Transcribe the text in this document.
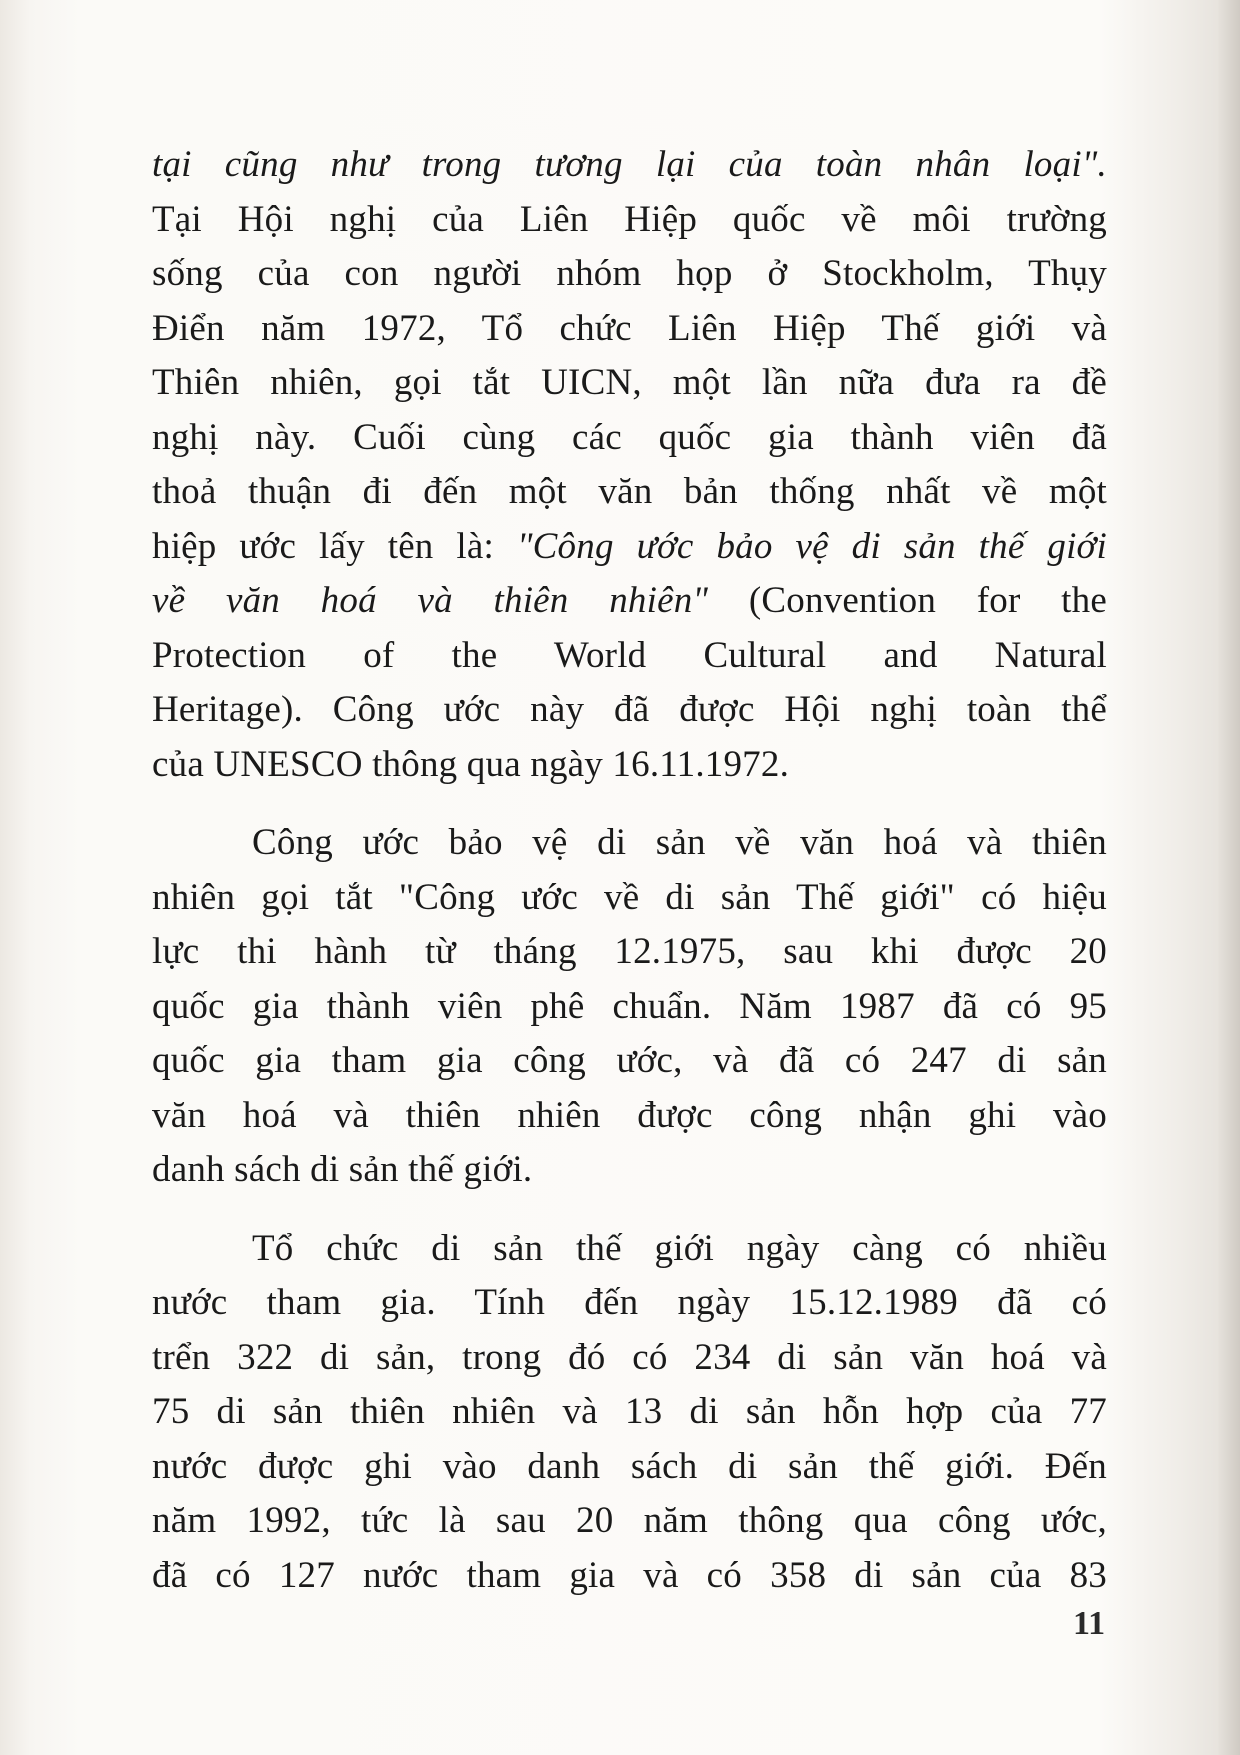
tại cũng như trong tương lại của toàn nhân loại".
Tại Hội nghị của Liên Hiệp quốc về môi trường
sống của con người nhóm họp ở Stockholm, Thụy
Điển năm 1972, Tổ chức Liên Hiệp Thế giới và
Thiên nhiên, gọi tắt UICN, một lần nữa đưa ra đề
nghị này. Cuối cùng các quốc gia thành viên đã
thoả thuận đi đến một văn bản thống nhất về một
hiệp ước lấy tên là: "Công ước bảo vệ di sản thế giới
về văn hoá và thiên nhiên" (Convention for the
Protection of the World Cultural and Natural
Heritage). Công ước này đã được Hội nghị toàn thể
của UNESCO thông qua ngày 16.11.1972.
Công ước bảo vệ di sản về văn hoá và thiên
nhiên gọi tắt "Công ước về di sản Thế giới" có hiệu
lực thi hành từ tháng 12.1975, sau khi được 20
quốc gia thành viên phê chuẩn. Năm 1987 đã có 95
quốc gia tham gia công ước, và đã có 247 di sản
văn hoá và thiên nhiên được công nhận ghi vào
danh sách di sản thế giới.
Tổ chức di sản thế giới ngày càng có nhiều
nước tham gia. Tính đến ngày 15.12.1989 đã có
trển 322 di sản, trong đó có 234 di sản văn hoá và
75 di sản thiên nhiên và 13 di sản hỗn hợp của 77
nước được ghi vào danh sách di sản thế giới. Đến
năm 1992, tức là sau 20 năm thông qua công ước,
đã có 127 nước tham gia và có 358 di sản của 83
11
